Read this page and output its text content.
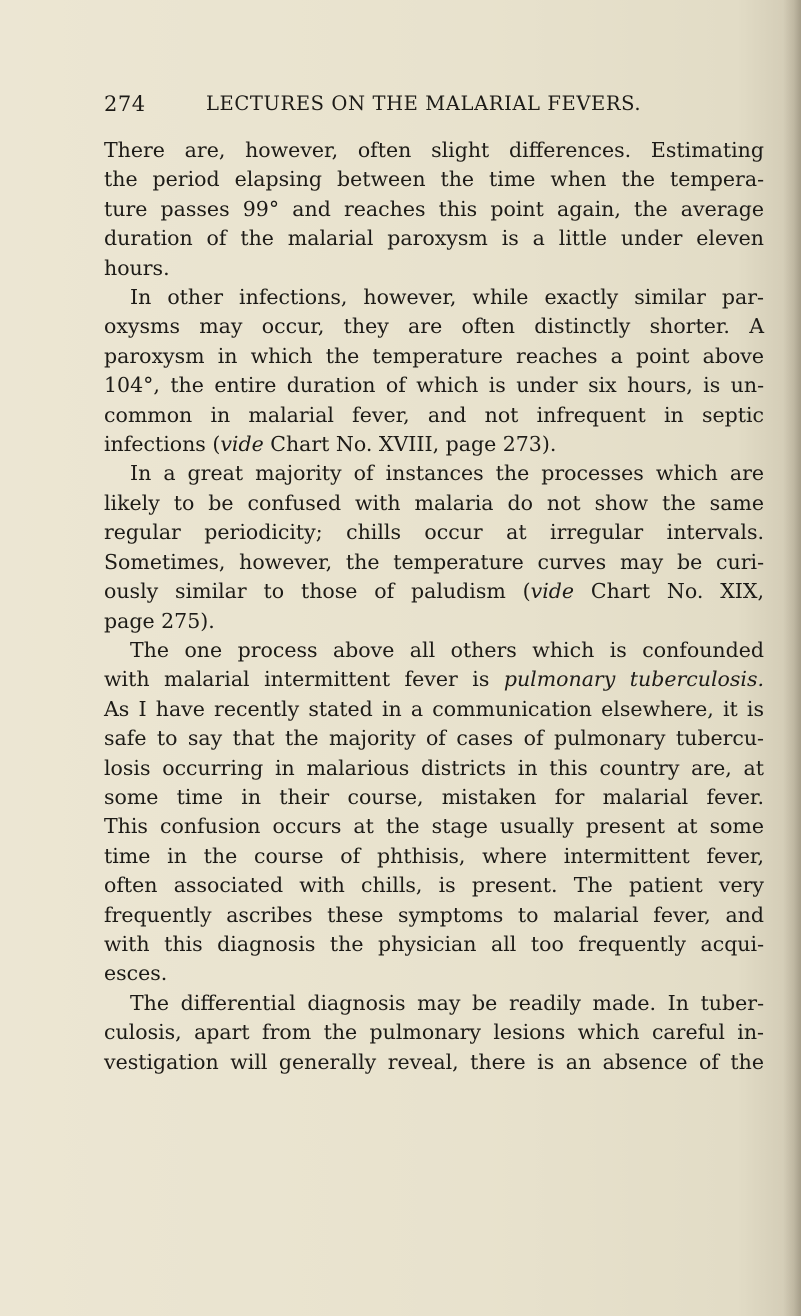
274	LECTURES ON THE MALARIAL FEVERS.
There are, however, often slight differences. Estimating
the period elapsing between the time when the tempera-
ture passes 99° and reaches this point again, the average
duration of the malarial paroxysm is a little under eleven
hours.
In other infections, however, while exactly similar par-
oxysms may occur, they are often distinctly shorter. A
paroxysm in which the temperature reaches a point above
104°, the entire duration of which is under six hours, is un-
common in malarial fever, and not infrequent in septic
infections (vide Chart No. XVIII, page 273).
In a great majority of instances the processes which are
likely to be confused with malaria do not show the same
regular periodicity; chills occur at irregular intervals.
Sometimes, however, the temperature curves may be curi-
ously similar to those of paludism (vide Chart No. XIX,
page 275).
The one process above all others which is confounded
with malarial intermittent fever is pulmonary tuberculosis.
As I have recently stated in a communication elsewhere, it is
safe to say that the majority of cases of pulmonary tubercu-
losis occurring in malarious districts in this country are, at
some time in their course, mistaken for malarial fever.
This confusion occurs at the stage usually present at some
time in the course of phthisis, where intermittent fever,
often associated with chills, is present. The patient very
frequently ascribes these symptoms to malarial fever, and
with this diagnosis the physician all too frequently acqui-
esces.
The differential diagnosis may be readily made. In tuber-
culosis, apart from the pulmonary lesions which careful in-
vestigation will generally reveal, there is an absence of the
